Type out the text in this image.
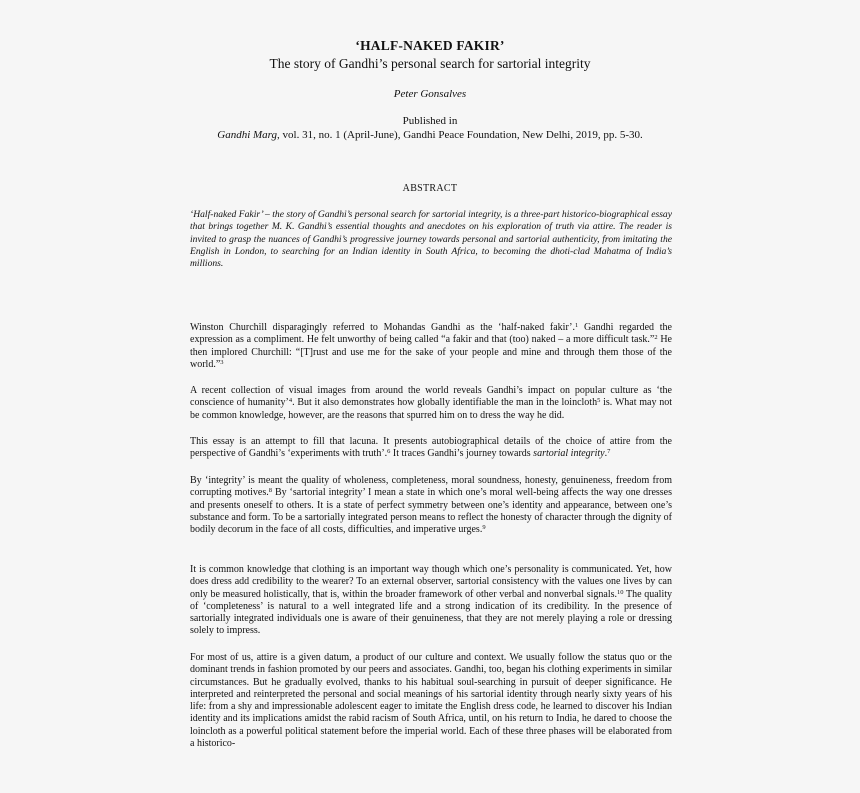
‘HALF-NAKED FAKIR’
The story of Gandhi’s personal search for sartorial integrity
Peter Gonsalves
Published in
Gandhi Marg, vol. 31, no. 1 (April-June), Gandhi Peace Foundation, New Delhi, 2019, pp. 5-30.
ABSTRACT
‘Half-naked Fakir’ – the story of Gandhi’s personal search for sartorial integrity, is a three-part historico-biographical essay that brings together M. K. Gandhi’s essential thoughts and anecdotes on his exploration of truth via attire. The reader is invited to grasp the nuances of Gandhi’s progressive journey towards personal and sartorial authenticity, from imitating the English in London, to searching for an Indian identity in South Africa, to becoming the dhoti-clad Mahatma of India’s millions.

Winston Churchill disparagingly referred to Mohandas Gandhi as the ‘half-naked fakir’.$^1$ Gandhi regarded the expression as a compliment. He felt unworthy of being called “a fakir and that (too) naked – a more difficult task.”$^2$ He then implored Churchill: “[T]rust and use me for the sake of your people and mine and through them those of the world.”$^3$

A recent collection of visual images from around the world reveals Gandhi’s impact on popular culture as ‘the conscience of humanity’$^4$. But it also demonstrates how globally identifiable the man in the loincloth$^5$ is. What may not be common knowledge, however, are the reasons that spurred him on to dress the way he did.

This essay is an attempt to fill that lacuna. It presents autobiographical details of the choice of attire from the perspective of Gandhi’s ‘experiments with truth’.$^6$ It traces Gandhi’s journey towards sartorial integrity.$^7$

By ‘integrity’ is meant the quality of wholeness, completeness, moral soundness, honesty, genuineness, freedom from corrupting motives.$^8$ By ‘sartorial integrity’ I mean a state in which one’s moral well-being affects the way one dresses and presents oneself to others. It is a state of perfect symmetry between one’s identity and appearance, between one’s substance and form. To be a sartorially integrated person means to reflect the honesty of character through the dignity of bodily decorum in the face of all costs, difficulties, and imperative urges.$^9$

It is common knowledge that clothing is an important way though which one’s personality is communicated. Yet, how does dress add credibility to the wearer? To an external observer, sartorial consistency with the values one lives by can only be measured holistically, that is, within the broader framework of other verbal and nonverbal signals.$^{10}$ The quality of ‘completeness’ is natural to a well integrated life and a strong indication of its credibility. In the presence of sartorially integrated individuals one is aware of their genuineness, that they are not merely playing a role or dressing solely to impress.

For most of us, attire is a given datum, a product of our culture and context. We usually follow the status quo or the dominant trends in fashion promoted by our peers and associates. Gandhi, too, began his clothing experiments in similar circumstances. But he gradually evolved, thanks to his habitual soul-searching in pursuit of deeper significance. He interpreted and reinterpreted the personal and social meanings of his sartorial identity through nearly sixty years of his life: from a shy and impressionable adolescent eager to imitate the English dress code, he learned to discover his Indian identity and its implications amidst the rabid racism of South Africa, until, on his return to India, he dared to choose the loincloth as a powerful political statement before the imperial world. Each of these three phases will be elaborated from a historico-
